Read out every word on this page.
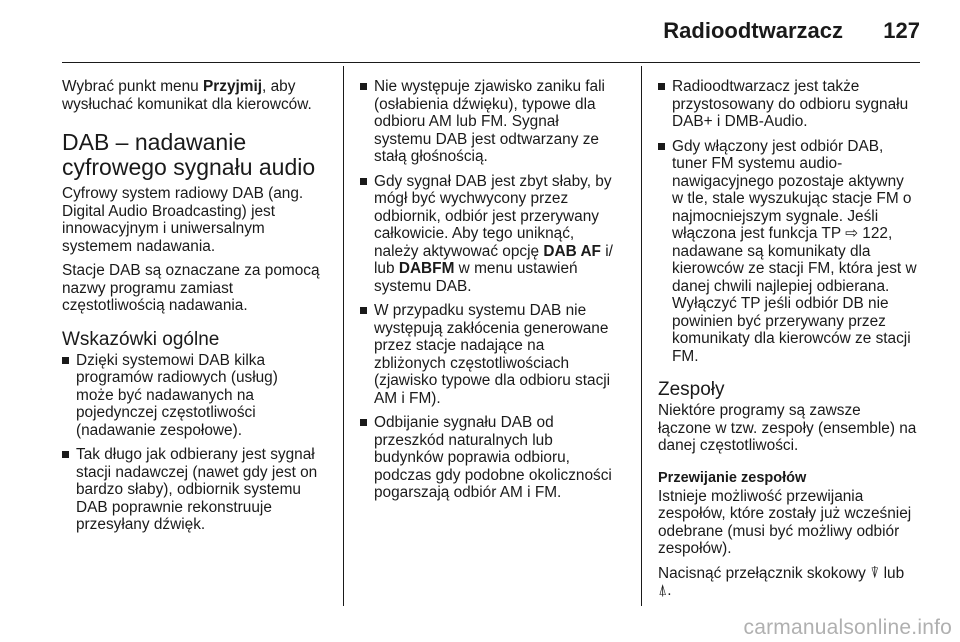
Radioodtwarzacz 127

Wybrać punkt menu Przyjmij, aby
wysłuchać komunikat dla kierowców.

DAB – nadawanie
cyfrowego sygnału audio

Cyfrowy system radiowy DAB (ang.
Digital Audio Broadcasting) jest
innowacyjnym i uniwersalnym
systemem nadawania.

Stacje DAB są oznaczane za pomocą
nazwy programu zamiast
częstotliwością nadawania.

Wskazówki ogólne
Dzięki systemowi DAB kilka
programów radiowych (usług)
może być nadawanych na
pojedynczej częstotliwości
(nadawanie zespołowe).
Tak długo jak odbierany jest sygnał
stacji nadawczej (nawet gdy jest on
bardzo słaby), odbiornik systemu
DAB poprawnie rekonstruuje
przesyłany dźwięk.
Nie występuje zjawisko zaniku fali
(osłabienia dźwięku), typowe dla
odbioru AM lub FM. Sygnał
systemu DAB jest odtwarzany ze
stałą głośnością.
Gdy sygnał DAB jest zbyt słaby, by
mógł być wychwycony przez
odbiornik, odbiór jest przerywany
całkowicie. Aby tego uniknąć,
należy aktywować opcję DAB AF i/
lub DABFM w menu ustawień
systemu DAB.
W przypadku systemu DAB nie
występują zakłócenia generowane
przez stacje nadające na
zbliżonych częstotliwościach
(zjawisko typowe dla odbioru stacji
AM i FM).
Odbijanie sygnału DAB od
przeszkód naturalnych lub
budynków poprawia odbioru,
podczas gdy podobne okoliczności
pogarszają odbiór AM i FM.
Radioodtwarzacz jest także
przystosowany do odbioru sygnału
DAB+ i DMB-Audio.
Gdy włączony jest odbiór DAB,
tuner FM systemu audio-
nawigacyjnego pozostaje aktywny
w tle, stale wyszukując stacje FM o
najmocniejszym sygnale. Jeśli
włączona jest funkcja TP ⇨ 122,
nadawane są komunikaty dla
kierowców ze stacji FM, która jest w
danej chwili najlepiej odbierana.
Wyłączyć TP jeśli odbiór DB nie
powinien być przerywany przez
komunikaty dla kierowców ze stacji
FM.
Zespoły

Niektóre programy są zawsze
łączone w tzw. zespoły (ensemble) na
danej częstotliwości.

Przewijanie zespołów

Istnieje możliwość przewijania
zespołów, które zostały już wcześniej
odebrane (musi być możliwy odbiór
zespołów).

Nacisnąć przełącznik skokowy ⍒ lub
⍋.

carmanualsonline.info
